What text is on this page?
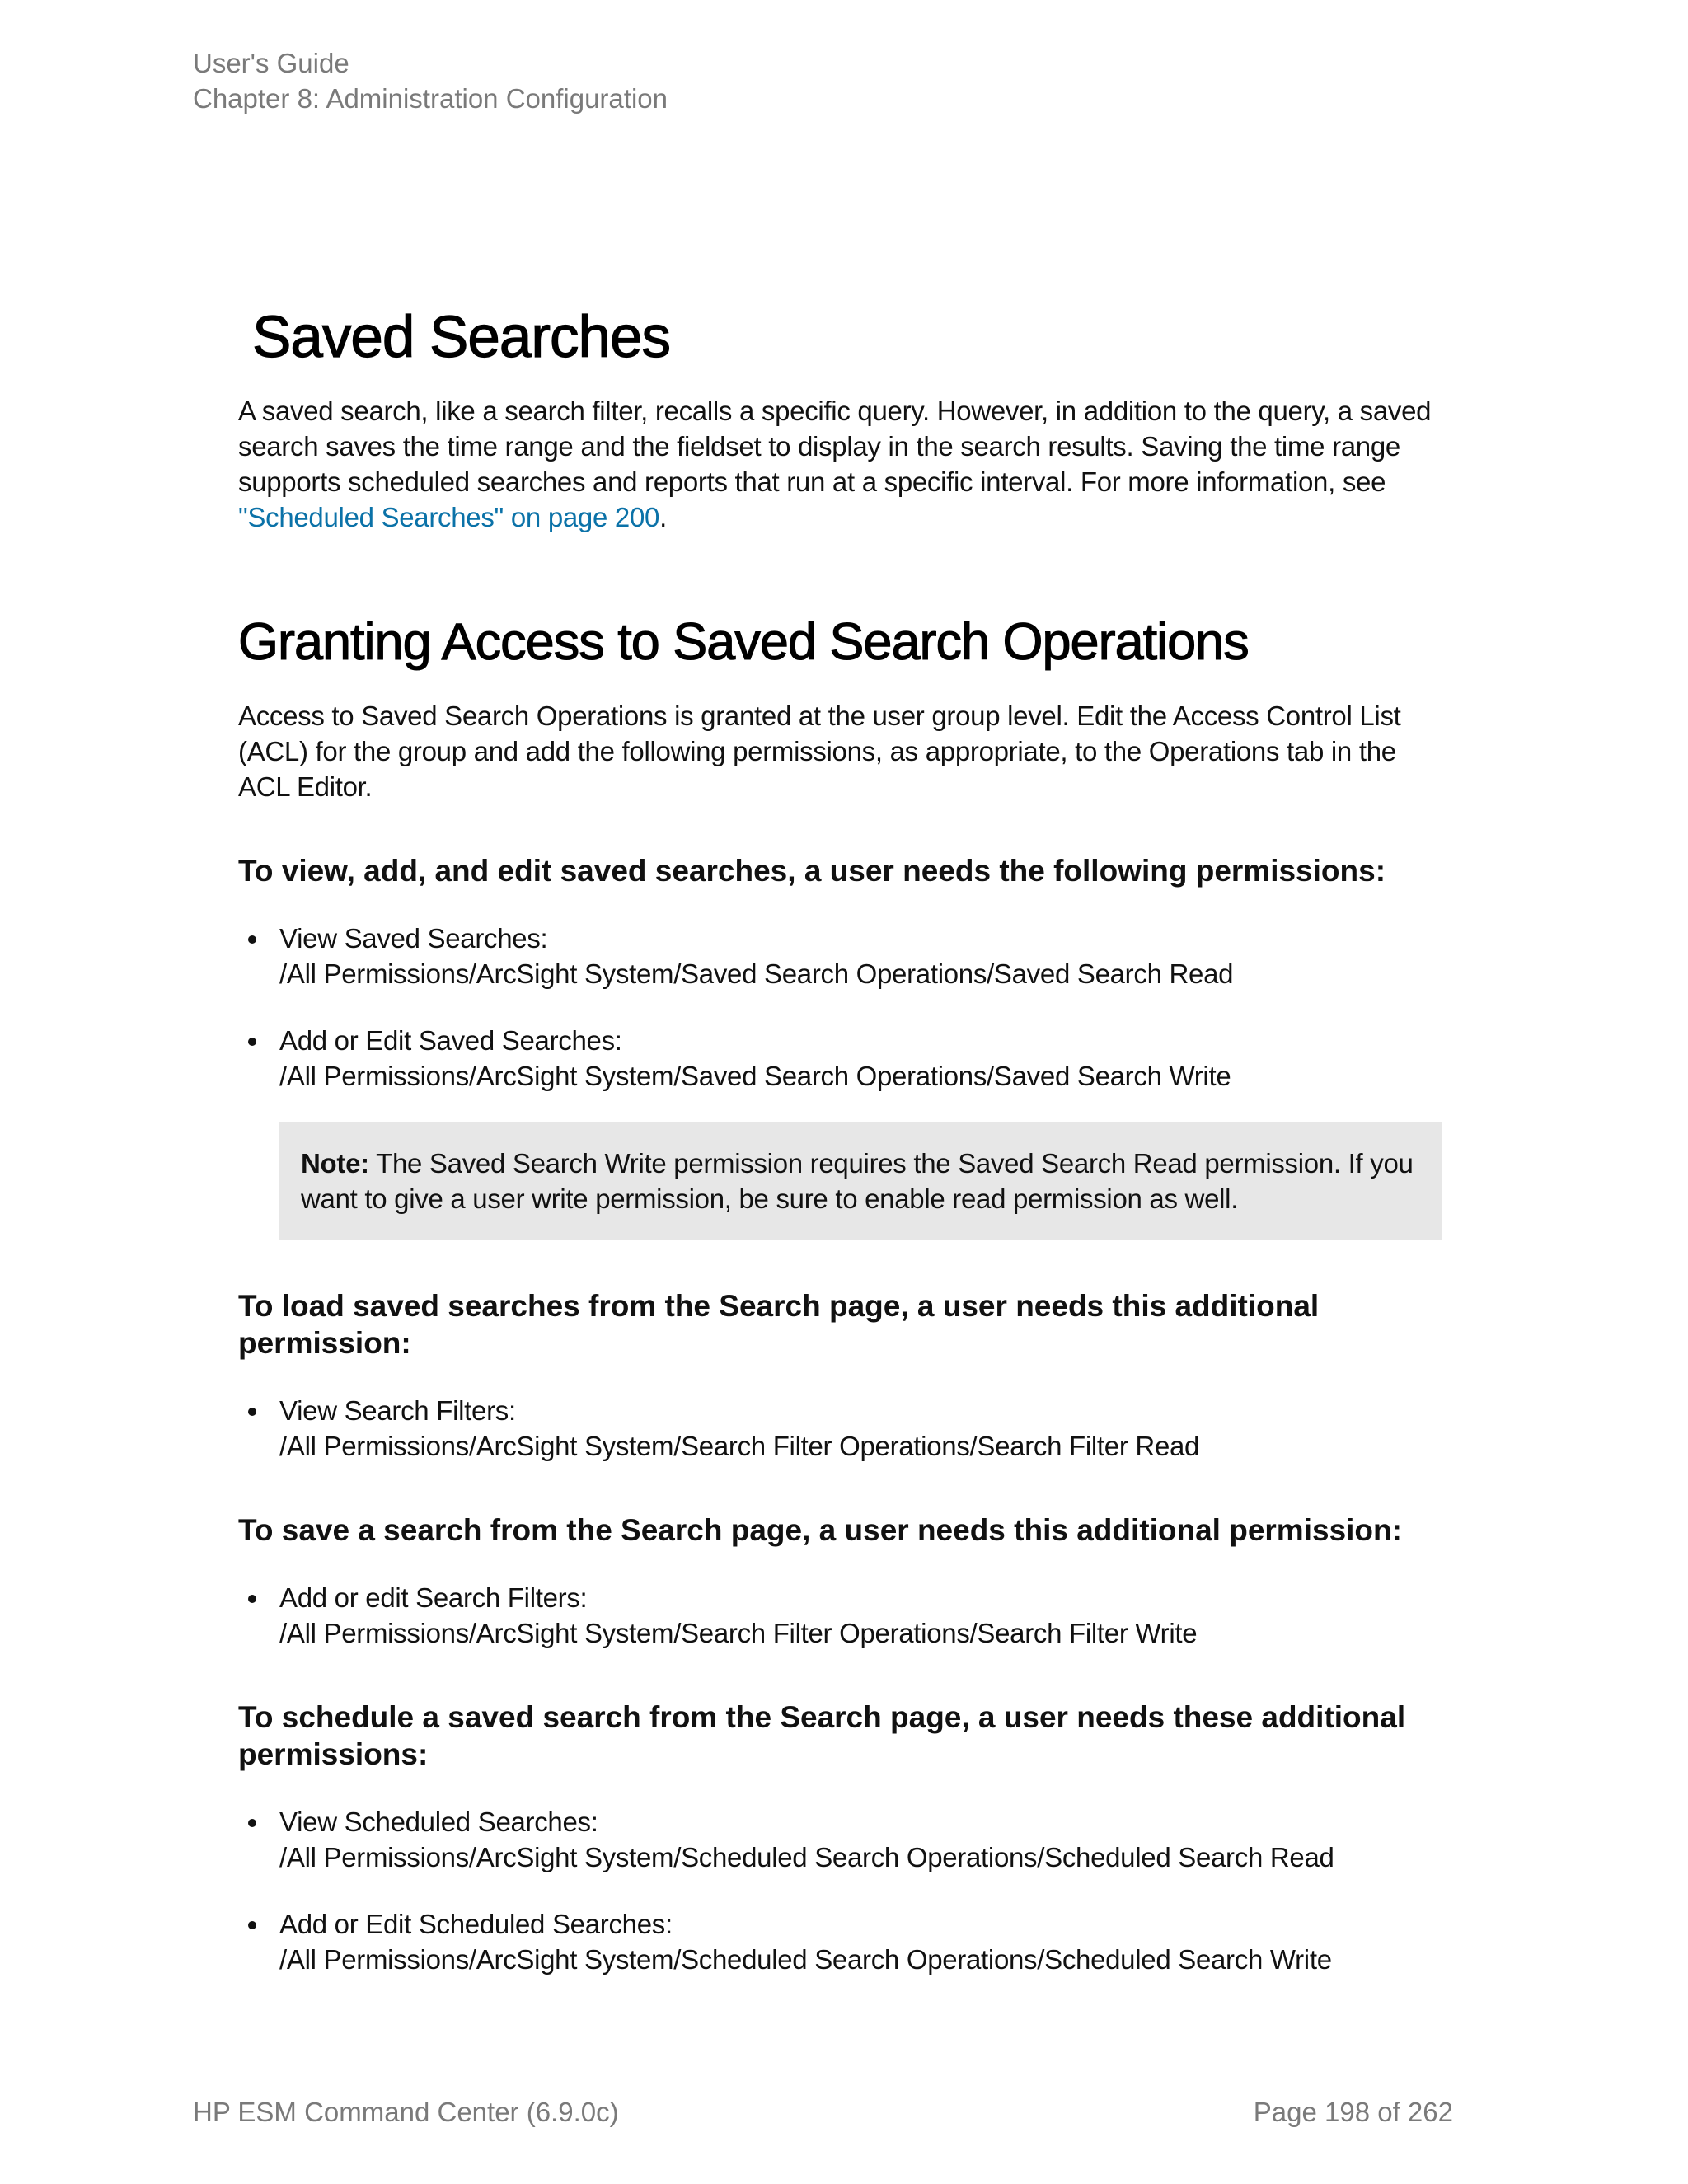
User's Guide
Chapter 8: Administration Configuration
Saved Searches

A saved search, like a search filter, recalls a specific query. However, in addition to the query, a saved search saves the time range and the fieldset to display in the search results. Saving the time range supports scheduled searches and reports that run at a specific interval. For more information, see "Scheduled Searches" on page 200.

Granting Access to Saved Search Operations

Access to Saved Search Operations is granted at the user group level. Edit the Access Control List (ACL) for the group and add the following permissions, as appropriate, to the Operations tab in the ACL Editor.

To view, add, and edit saved searches, a user needs the following permissions:
View Saved Searches:
/All Permissions/ArcSight System/Saved Search Operations/Saved Search Read
Add or Edit Saved Searches:
/All Permissions/ArcSight System/Saved Search Operations/Saved Search Write
Note: The Saved Search Write permission requires the Saved Search Read permission. If you want to give a user write permission, be sure to enable read permission as well.
To load saved searches from the Search page, a user needs this additional permission:
View Search Filters:
/All Permissions/ArcSight System/Search Filter Operations/Search Filter Read
To save a search from the Search page, a user needs this additional permission:
Add or edit Search Filters:
/All Permissions/ArcSight System/Search Filter Operations/Search Filter Write
To schedule a saved search from the Search page, a user needs these additional permissions:
View Scheduled Searches:
/All Permissions/ArcSight System/Scheduled Search Operations/Scheduled Search Read
Add or Edit Scheduled Searches:
/All Permissions/ArcSight System/Scheduled Search Operations/Scheduled Search Write
HP ESM Command Center (6.9.0c)	Page 198 of 262
